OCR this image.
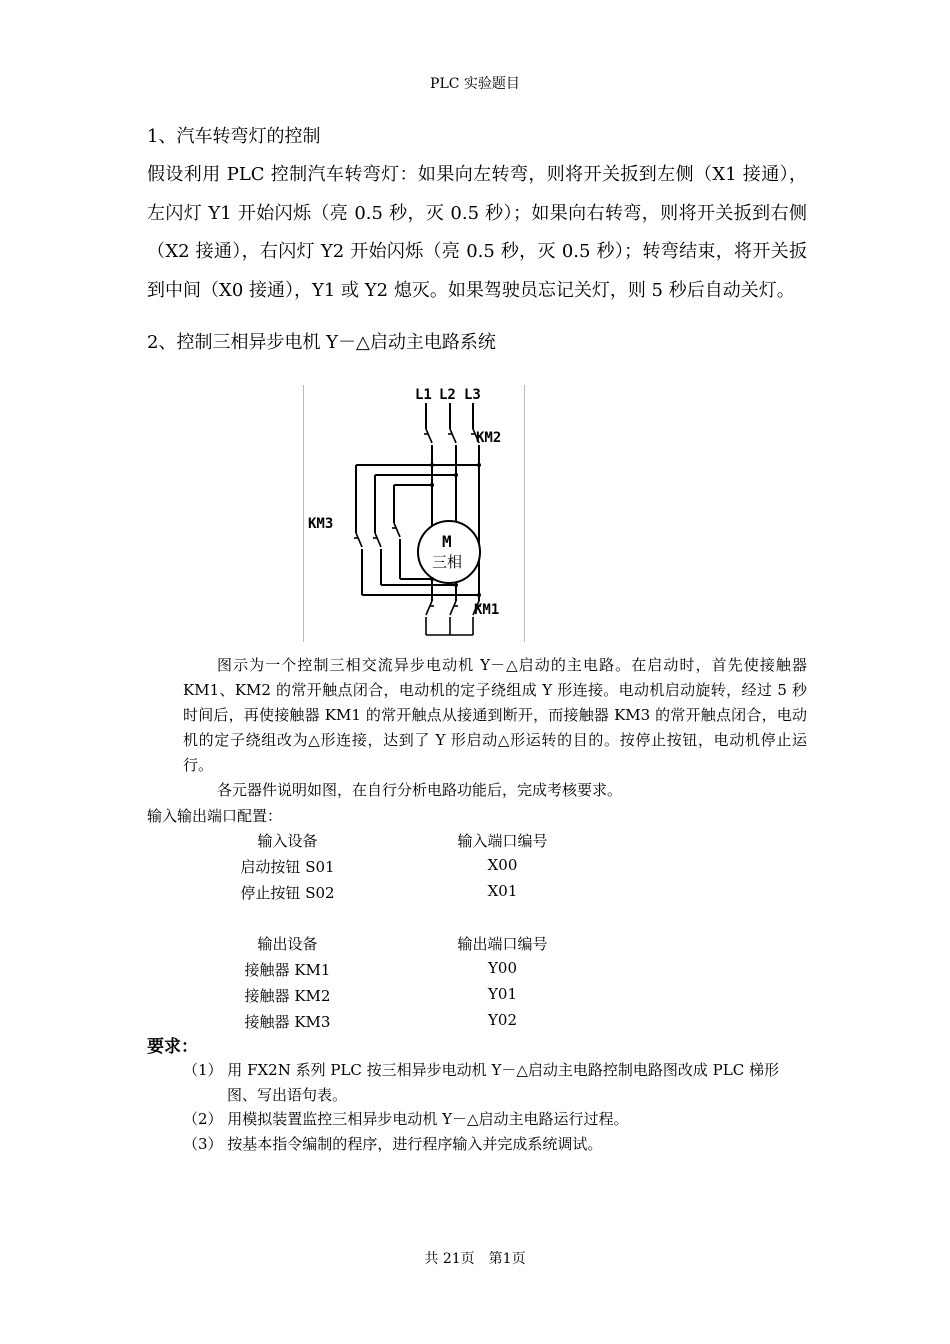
PLC 实验题目
1、汽车转弯灯的控制
假设利用 PLC 控制汽车转弯灯：如果向左转弯，则将开关扳到左侧（X1 接通），左闪灯 Y1 开始闪烁（亮 0.5 秒，灭 0.5 秒）；如果向右转弯，则将开关扳到右侧（X2 接通），右闪灯 Y2 开始闪烁（亮 0.5 秒，灭 0.5 秒）；转弯结束，将开关扳到中间（X0 接通），Y1 或 Y2 熄灭。如果驾驶员忘记关灯，则 5 秒后自动关灯。
2、控制三相异步电机 Y－△启动主电路系统
L1 L2 L3
KM2
KM3
M
三相
KM1

图示为一个控制三相交流异步电动机 Y－△启动的主电路。在启动时，首先使接触器 KM1、KM2 的常开触点闭合，电动机的定子绕组成 Y 形连接。电动机启动旋转，经过 5 秒时间后，再使接触器 KM1 的常开触点从接通到断开，而接触器 KM3 的常开触点闭合，电动机的定子绕组改为△形连接，达到了 Y 形启动△形运转的目的。按停止按钮，电动机停止运行。

各元器件说明如图，在自行分析电路功能后，完成考核要求。

输入输出端口配置：
输入设备	输入端口编号
启动按钮 S01	X00
停止按钮 S02	X01
输出设备	输出端口编号
接触器 KM1	Y00
接触器 KM2	Y01
接触器 KM3	Y02
要求：

（1） 用 FX2N 系列 PLC 按三相异步电动机 Y－△启动主电路控制电路图改成 PLC 梯形图、写出语句表。

（2） 用模拟装置监控三相异步电动机 Y－△启动主电路运行过程。

（3） 按基本指令编制的程序，进行程序输入并完成系统调试。

共 21页　第1页
